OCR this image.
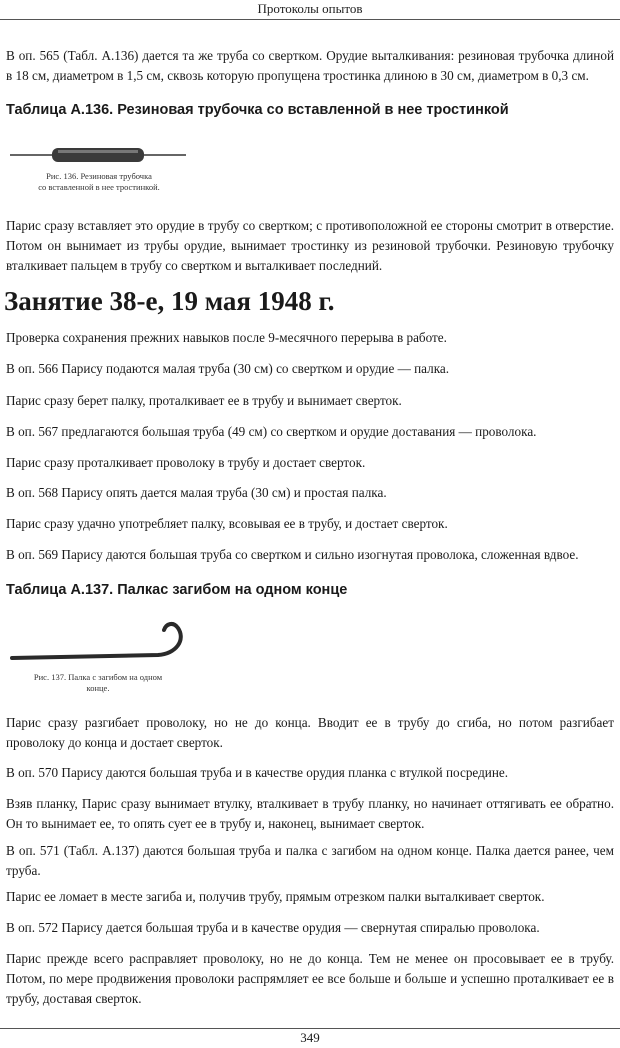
Протоколы опытов

В оп. 565 (Табл. А.136) дается та же труба со свертком. Орудие выталкивания: резиновая трубочка длиной в 18 см, диаметром в 1,5 см, сквозь которую пропущена тростинка длиною в 30 см, диаметром в 0,3 см.

Таблица А.136. Резиновая трубочка со вставленной в нее тростинкой
Рис. 136. Резиновая трубочка
со вставленной в нее тростинкой.

Парис сразу вставляет это орудие в трубу со свертком; с противоположной ее стороны смотрит в отверстие. Потом он вынимает из трубы орудие, вынимает тростинку из резиновой трубочки. Резиновую трубочку вталкивает пальцем в трубу со свертком и выталкивает последний.

Занятие 38-е, 19 мая 1948 г.

Проверка сохранения прежних навыков после 9-месячного перерыва в работе.

В оп. 566 Парису подаются малая труба (30 см) со свертком и орудие — палка.

Парис сразу берет палку, проталкивает ее в трубу и вынимает сверток.

В оп. 567 предлагаются большая труба (49 см) со свертком и орудие доставания — проволока.

Парис сразу проталкивает проволоку в трубу и достает сверток.

В оп. 568 Парису опять дается малая труба (30 см) и простая палка.

Парис сразу удачно употребляет палку, всовывая ее в трубу, и достает сверток.

В оп. 569 Парису даются большая труба со свертком и сильно изогнутая проволока, сложенная вдвое.

Таблица А.137. Палкас загибом на одном конце
Рис. 137. Палка с загибом на одном
конце.

Парис сразу разгибает проволоку, но не до конца. Вводит ее в трубу до сгиба, но потом разгибает проволоку до конца и достает сверток.

В оп. 570 Парису даются большая труба и в качестве орудия планка с втулкой посредине.

Взяв планку, Парис сразу вынимает втулку, вталкивает в трубу планку, но начинает оттягивать ее обратно. Он то вынимает ее, то опять сует ее в трубу и, наконец, вынимает сверток.

В оп. 571 (Табл. А.137) даются большая труба и палка с загибом на одном конце. Палка дается ранее, чем труба.

Парис ее ломает в месте загиба и, получив трубу, прямым отрезком палки выталкивает сверток.

В оп. 572 Парису дается большая труба и в качестве орудия — свернутая спиралью проволока.

Парис прежде всего расправляет проволоку, но не до конца. Тем не менее он просовывает ее в трубу. Потом, по мере продвижения проволоки распрямляет ее все больше и больше и успешно проталкивает ее в трубу, доставая сверток.

349
